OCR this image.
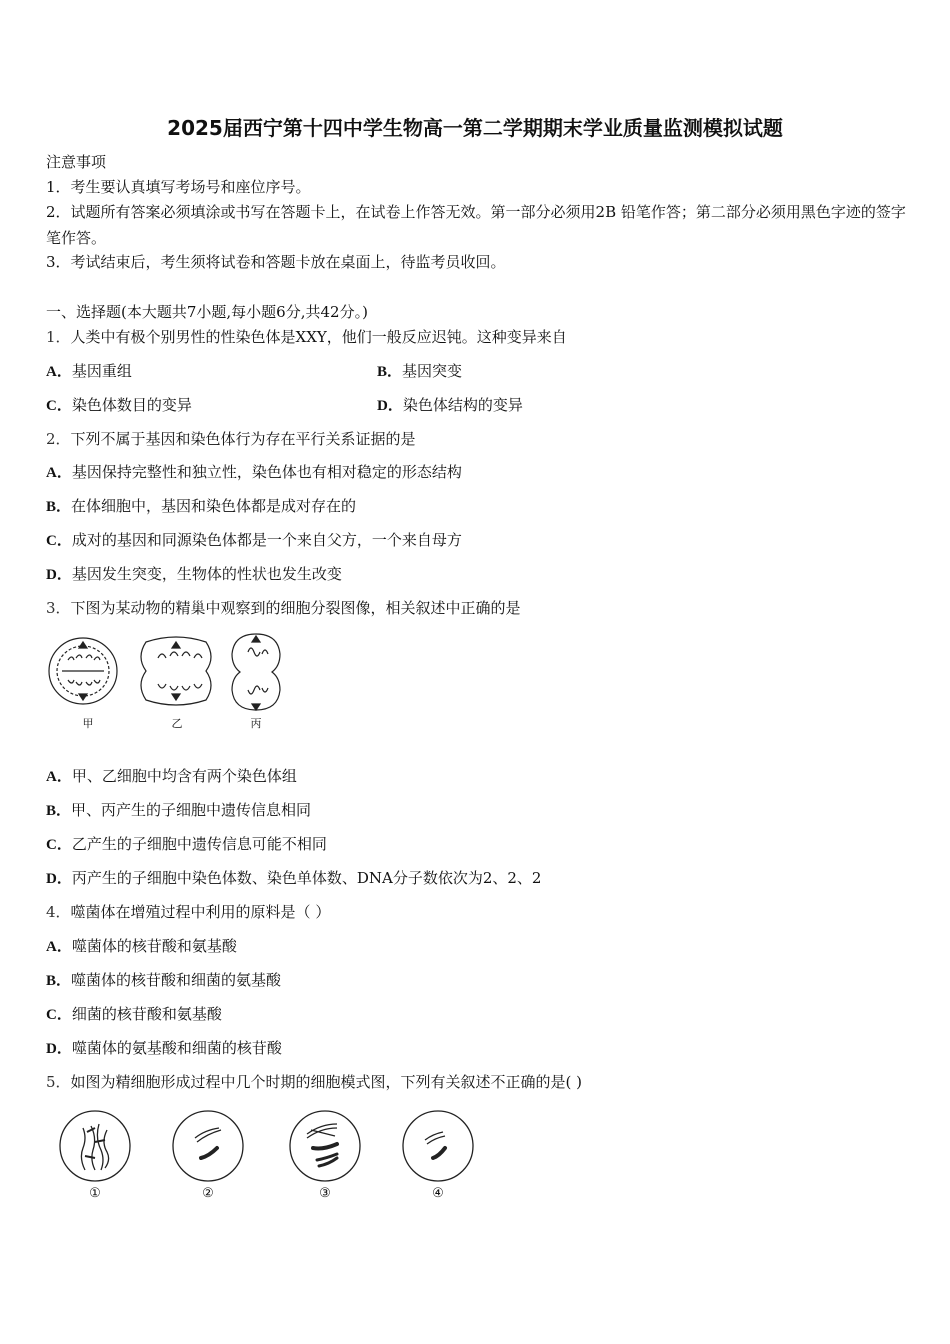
2025届西宁第十四中学生物高一第二学期期末学业质量监测模拟试题
注意事项
1．考生要认真填写考场号和座位序号。
2．试题所有答案必须填涂或书写在答题卡上，在试卷上作答无效。第一部分必须用2B 铅笔作答；第二部分必须用黑色字迹的签字笔作答。
3．考试结束后，考生须将试卷和答题卡放在桌面上，待监考员收回。
一、选择题(本大题共7小题,每小题6分,共42分。)
1．人类中有极个别男性的性染色体是XXY，他们一般反应迟钝。这种变异来自
A．基因重组	B．基因突变
C．染色体数目的变异	D．染色体结构的变异
2．下列不属于基因和染色体行为存在平行关系证据的是
A．基因保持完整性和独立性，染色体也有相对稳定的形态结构
B．在体细胞中，基因和染色体都是成对存在的
C．成对的基因和同源染色体都是一个来自父方，一个来自母方
D．基因发生突变，生物体的性状也发生改变
3．下图为某动物的精巢中观察到的细胞分裂图像，相关叙述中正确的是
甲	乙	丙
A．甲、乙细胞中均含有两个染色体组
B．甲、丙产生的子细胞中遗传信息相同
C．乙产生的子细胞中遗传信息可能不相同
D．丙产生的子细胞中染色体数、染色单体数、DNA分子数依次为2、2、2
4．噬菌体在增殖过程中利用的原料是（ ）
A．噬菌体的核苷酸和氨基酸
B．噬菌体的核苷酸和细菌的氨基酸
C．细菌的核苷酸和氨基酸
D．噬菌体的氨基酸和细菌的核苷酸
5．如图为精细胞形成过程中几个时期的细胞模式图，下列有关叙述不正确的是( )
①	②	③	④
